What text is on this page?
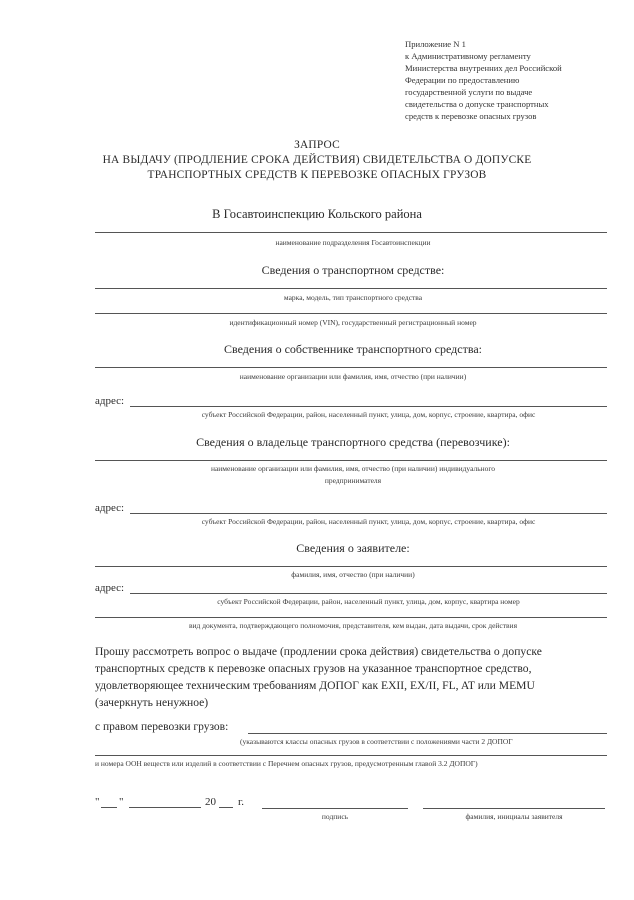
Приложение N 1
к Административному регламенту
Министерства внутренних дел Российской
Федерации по предоставлению
государственной услуги по выдаче
свидетельства о допуске транспортных
средств к перевозке опасных грузов
ЗАПРОС
НА ВЫДАЧУ (ПРОДЛЕНИЕ СРОКА ДЕЙСТВИЯ) СВИДЕТЕЛЬСТВА О ДОПУСКЕ
ТРАНСПОРТНЫХ СРЕДСТВ К ПЕРЕВОЗКЕ ОПАСНЫХ ГРУЗОВ
В Госавтоинспекцию Кольского района
наименование подразделения Госавтоинспекции
Сведения о транспортном средстве:
марка, модель, тип транспортного средства
идентификационный номер (VIN), государственный регистрационный номер
Сведения о собственнике транспортного средства:
наименование организации или фамилия, имя, отчество (при наличии)
адрес:
субъект Российской Федерации, район, населенный пункт, улица, дом, корпус, строение, квартира, офис
Сведения о владельце транспортного средства (перевозчике):
наименование организации или фамилия, имя, отчество (при наличии) индивидуального
предпринимателя
адрес:
субъект Российской Федерации, район, населенный пункт, улица, дом, корпус, строение, квартира, офис
Сведения о заявителе:
фамилия, имя, отчество (при наличии)
адрес:
субъект Российской Федерации, район, населенный пункт, улица, дом, корпус, квартира номер
вид документа, подтверждающего полномочия, представителя, кем выдан, дата выдачи, срок действия
Прошу рассмотреть вопрос о выдаче (продлении срока действия) свидетельства о допуске
транспортных средств к перевозке опасных грузов на указанное транспортное средство,
удовлетворяющее техническим требованиям ДОПОГ как EXII, EX/II, FL, AT или MEMU
(зачеркнуть ненужное)
с правом перевозки грузов:
(указываются классы опасных грузов в соответствии с положениями части 2 ДОПОГ
и номера ООН веществ или изделий в соответствии с Перечнем опасных грузов, предусмотренным главой 3.2 ДОПОГ)
" "	20 г.
подпись	фамилия, инициалы заявителя
